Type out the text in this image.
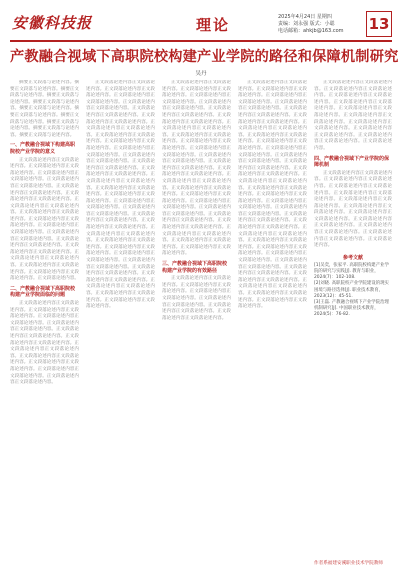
安徽科技报	理论	2025年4月24日 星期四
责编：刘永强 版式：小聪
电话邮箱：ahkjb@163.com	13
产教融合视域下高职院校构建产业学院的路径和保障机制研究
吴丹

摘要正文段落与论述内容。摘要正文段落与论述内容。摘要正文段落与论述内容。摘要正文段落与论述内容。摘要正文段落与论述内容。摘要正文段落与论述内容。摘要正文段落与论述内容。摘要正文段落与论述内容。摘要正文段落与论述内容。摘要正文段落与论述内容。摘要正文段落与论述内容。

一、产教融合视域下构建高职院校产业学院的意义

正文段落论述内容正文段落论述内容。正文段落论述内容正文段落论述内容。正文段落论述内容正文段落论述内容。正文段落论述内容正文段落论述内容。正文段落论述内容正文段落论述内容。正文段落论述内容正文段落论述内容。正文段落论述内容正文段落论述内容。正文段落论述内容正文段落论述内容。正文段落论述内容正文段落论述内容。正文段落论述内容正文段落论述内容。正文段落论述内容正文段落论述内容。正文段落论述内容正文段落论述内容。正文段落论述内容正文段落论述内容。正文段落论述内容正文段落论述内容。正文段落论述内容正文段落论述内容。正文段落论述内容正文段落论述内容。正文段落论述内容。

二、产教融合视域下高职院校构建产业学院面临的问题

正文段落论述内容正文段落论述内容。正文段落论述内容正文段落论述内容。正文段落论述内容正文段落论述内容。正文段落论述内容正文段落论述内容。正文段落论述内容正文段落论述内容。正文段落论述内容正文段落论述内容。正文段落论述内容正文段落论述内容。正文段落论述内容正文段落论述内容。正文段落论述内容正文段落论述内容。正文段落论述内容正文段落论述内容。正文段落论述内容正文段落论述内容。

正文段落论述内容正文段落论述内容。正文段落论述内容正文段落论述内容。正文段落论述内容正文段落论述内容。正文段落论述内容正文段落论述内容。正文段落论述内容正文段落论述内容。正文段落论述内容正文段落论述内容。正文段落论述内容正文段落论述内容。正文段落论述内容正文段落论述内容。正文段落论述内容正文段落论述内容。正文段落论述内容正文段落论述内容。正文段落论述内容正文段落论述内容。正文段落论述内容正文段落论述内容。正文段落论述内容正文段落论述内容。正文段落论述内容正文段落论述内容。正文段落论述内容正文段落论述内容。正文段落论述内容正文段落论述内容。正文段落论述内容正文段落论述内容。正文段落论述内容正文段落论述内容。正文段落论述内容正文段落论述内容。正文段落论述内容正文段落论述内容。正文段落论述内容正文段落论述内容。正文段落论述内容正文段落论述内容。正文段落论述内容正文段落论述内容。正文段落论述内容正文段落论述内容。正文段落论述内容正文段落论述内容。正文段落论述内容正文段落论述内容。正文段落论述内容正文段落论述内容。正文段落论述内容正文段落论述内容。正文段落论述内容正文段落论述内容。正文段落论述内容正文段落论述内容。

正文段落论述内容正文段落论述内容。正文段落论述内容正文段落论述内容。正文段落论述内容正文段落论述内容。正文段落论述内容正文段落论述内容。正文段落论述内容正文段落论述内容。正文段落论述内容正文段落论述内容。正文段落论述内容正文段落论述内容。正文段落论述内容正文段落论述内容。正文段落论述内容正文段落论述内容。正文段落论述内容正文段落论述内容。正文段落论述内容正文段落论述内容。正文段落论述内容正文段落论述内容。正文段落论述内容正文段落论述内容。正文段落论述内容正文段落论述内容。正文段落论述内容正文段落论述内容。正文段落论述内容正文段落论述内容。正文段落论述内容正文段落论述内容。正文段落论述内容正文段落论述内容。正文段落论述内容正文段落论述内容。正文段落论述内容正文段落论述内容。正文段落论述内容正文段落论述内容。正文段落论述内容正文段落论述内容。正文段落论述内容正文段落论述内容。

三、产教融合视域下高职院校构建产业学院的有效路径

正文段落论述内容正文段落论述内容。正文段落论述内容正文段落论述内容。正文段落论述内容正文段落论述内容。正文段落论述内容正文段落论述内容。正文段落论述内容正文段落论述内容。正文段落论述内容正文段落论述内容。

正文段落论述内容正文段落论述内容。正文段落论述内容正文段落论述内容。正文段落论述内容正文段落论述内容。正文段落论述内容正文段落论述内容。正文段落论述内容正文段落论述内容。正文段落论述内容正文段落论述内容。正文段落论述内容正文段落论述内容。正文段落论述内容正文段落论述内容。正文段落论述内容正文段落论述内容。正文段落论述内容正文段落论述内容。正文段落论述内容正文段落论述内容。正文段落论述内容正文段落论述内容。正文段落论述内容正文段落论述内容。正文段落论述内容正文段落论述内容。正文段落论述内容正文段落论述内容。正文段落论述内容正文段落论述内容。正文段落论述内容正文段落论述内容。正文段落论述内容正文段落论述内容。正文段落论述内容正文段落论述内容。正文段落论述内容正文段落论述内容。正文段落论述内容正文段落论述内容。正文段落论述内容正文段落论述内容。正文段落论述内容正文段落论述内容。正文段落论述内容正文段落论述内容。正文段落论述内容正文段落论述内容。正文段落论述内容正文段落论述内容。正文段落论述内容正文段落论述内容。正文段落论述内容正文段落论述内容。正文段落论述内容正文段落论述内容。正文段落论述内容正文段落论述内容。

正文段落论述内容正文段落论述内容。正文段落论述内容正文段落论述内容。正文段落论述内容正文段落论述内容。正文段落论述内容正文段落论述内容。正文段落论述内容正文段落论述内容。正文段落论述内容正文段落论述内容。正文段落论述内容正文段落论述内容。正文段落论述内容正文段落论述内容。正文段落论述内容正文段落论述内容。正文段落论述内容。

四、产教融合视域下产业学院的保障机制

正文段落论述内容正文段落论述内容。正文段落论述内容正文段落论述内容。正文段落论述内容正文段落论述内容。正文段落论述内容正文段落论述内容。正文段落论述内容正文段落论述内容。正文段落论述内容正文段落论述内容。正文段落论述内容正文段落论述内容。正文段落论述内容正文段落论述内容。正文段落论述内容正文段落论述内容。正文段落论述内容正文段落论述内容。正文段落论述内容。

参考文献

[1]吴奕，张家平. 高职院校构建产业学院的研究与实践[J]. 教育与职业，2024(7)：102-108.

[2]刘晓. 高职院校产业学院建设的现实困境与路径选择[J]. 职业技术教育，2023(12)：45-51.

[3]王磊. 产教融合视域下产业学院治理机制研究[J]. 中国职业技术教育，2024(5)：76-82.

作者系福建安溪职业技术学院教师
